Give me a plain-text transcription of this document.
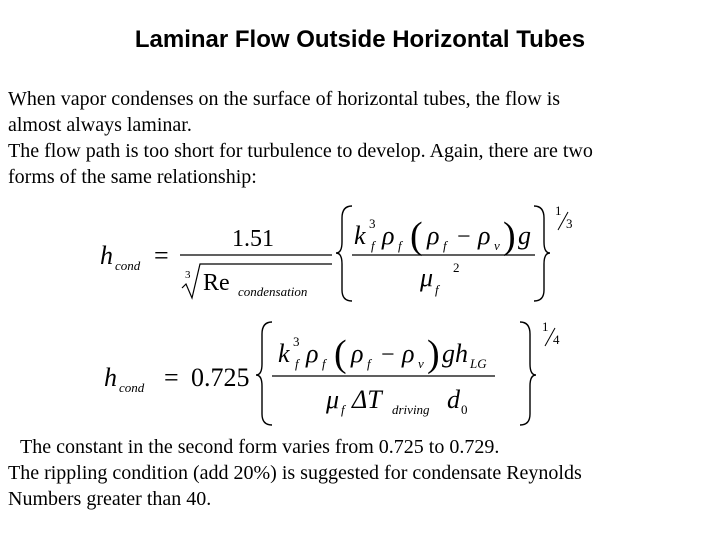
Laminar Flow Outside Horizontal Tubes
When vapor condenses on the surface of horizontal tubes, the flow is
almost always laminar.
The flow path is too short for turbulence to develop. Again, there are two
forms of the same relationship:
h cond =
1.51
3 Re condensation
k 3
f ρ f ( ρ f − ρ v ) g
μ f
2
1
3
h cond = 0.725
k 3
f ρ f ( ρ f − ρ v ) gh LG
μ f ΔT driving d 0
1
4
The constant in the second form varies from 0.725 to 0.729.
The rippling condition (add 20%) is suggested for condensate Reynolds
Numbers greater than 40.
